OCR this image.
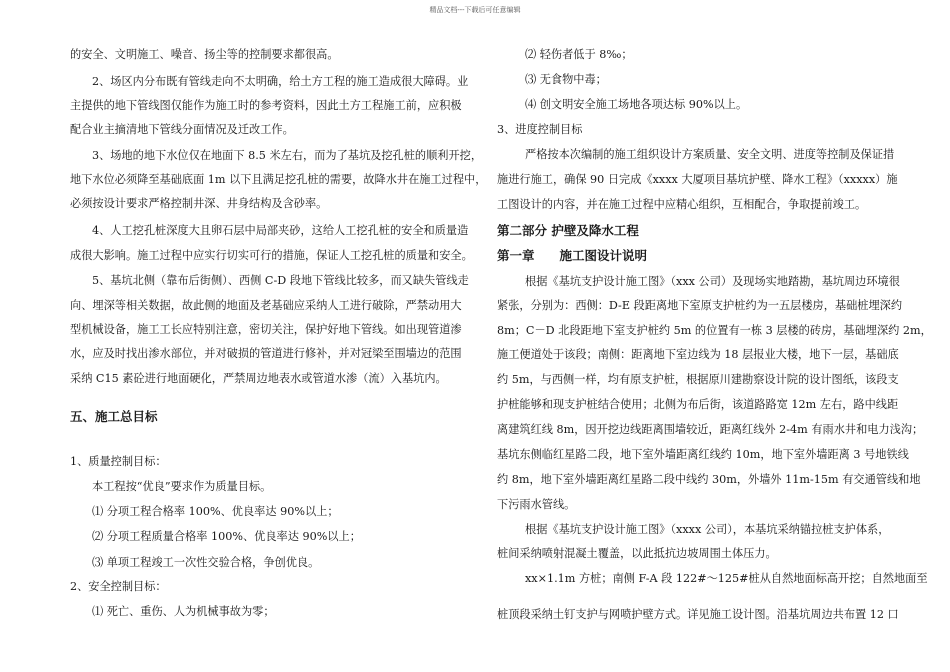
精品文档---下载后可任意编辑
的安全、文明施工、噪音、扬尘等的控制要求都很高。
2、场区内分布既有管线走向不太明确，给土方工程的施工造成很大障碍。业
主提供的地下管线图仅能作为施工时的参考资料，因此土方工程施工前，应积极
配合业主摘清地下管线分面情况及迁改工作。
3、场地的地下水位仅在地面下 8.5 米左右，而为了基坑及挖孔桩的顺利开挖，
地下水位必须降至基础底面 1m 以下且满足挖孔桩的需要，故降水井在施工过程中，
必须按设计要求严格控制井深、井身结构及含砂率。
4、人工挖孔桩深度大且卵石层中局部夹砂，这给人工挖孔桩的安全和质量造
成很大影响。施工过程中应实行切实可行的措施，保证人工挖孔桩的质量和安全。
5、基坑北侧（靠布后街侧）、西侧 C-D 段地下管线比较多，而又缺失管线走
向、埋深等相关数据，故此侧的地面及老基础应采纳人工进行破除，严禁动用大
型机械设备，施工工长应特别注意，密切关注，保护好地下管线。如出现管道渗
水，应及时找出渗水部位，并对破损的管道进行修补，并对冠梁至围墙边的范围
采纳 C15 素砼进行地面硬化，严禁周边地表水或管道水渗（流）入基坑内。
五、施工总目标
1、质量控制目标：
本工程按“优良”要求作为质量目标。
⑴ 分项工程合格率 100%、优良率达 90%以上；
⑵ 分项工程质量合格率 100%、优良率达 90%以上；
⑶ 单项工程竣工一次性交验合格，争创优良。
2、安全控制目标：
⑴ 死亡、重伤、人为机械事故为零；
⑵ 轻伤者低于 8‰；
⑶ 无食物中毒；
⑷ 创文明安全施工场地各项达标 90%以上。
3、进度控制目标
严格按本次编制的施工组织设计方案质量、安全文明、进度等控制及保证措
施进行施工，确保 90 日完成《xxxx 大厦项目基坑护壁、降水工程》（xxxxx）施
工图设计的内容，并在施工过程中应精心组织，互相配合，争取提前竣工。
第二部分 护壁及降水工程
第一章　　施工图设计说明
根据《基坑支护设计施工图》（xxx 公司）及现场实地踏勘，基坑周边环境很
紧张，分别为：西侧：D-E 段距离地下室原支护桩约为一五层楼房，基础桩埋深约
8m；C－D 北段距地下室支护桩约 5m 的位置有一栋 3 层楼的砖房，基础埋深约 2m，
施工便道处于该段；南侧：距离地下室边线为 18 层报业大楼，地下一层，基础底
约 5m，与西侧一样，均有原支护桩，根据原川建勘察设计院的设计图纸，该段支
护桩能够和现支护桩结合使用；北侧为布后街，该道路路宽 12m 左右，路中线距
离建筑红线 8m，因开挖边线距离围墙较近，距离红线外 2-4m 有雨水井和电力浅沟；
基坑东侧临红星路二段，地下室外墙距离红线约 10m，地下室外墙距离 3 号地铁线
约 8m，地下室外墙距离红星路二段中线约 30m，外墙外 11m-15m 有交通管线和地
下污雨水管线。
根据《基坑支护设计施工图》（xxxx 公司），本基坑采纳锚拉桩支护体系，
桩间采纳喷射混凝土覆盖，以此抵抗边坡周围土体压力。
xx×1.1m 方桩；南侧 F-A 段 122#～125#桩从自然地面标高开挖；自然地面至
桩顶段采纳土钉支护与网喷护壁方式。详见施工设计图。沿基坑周边共布置 12 口
